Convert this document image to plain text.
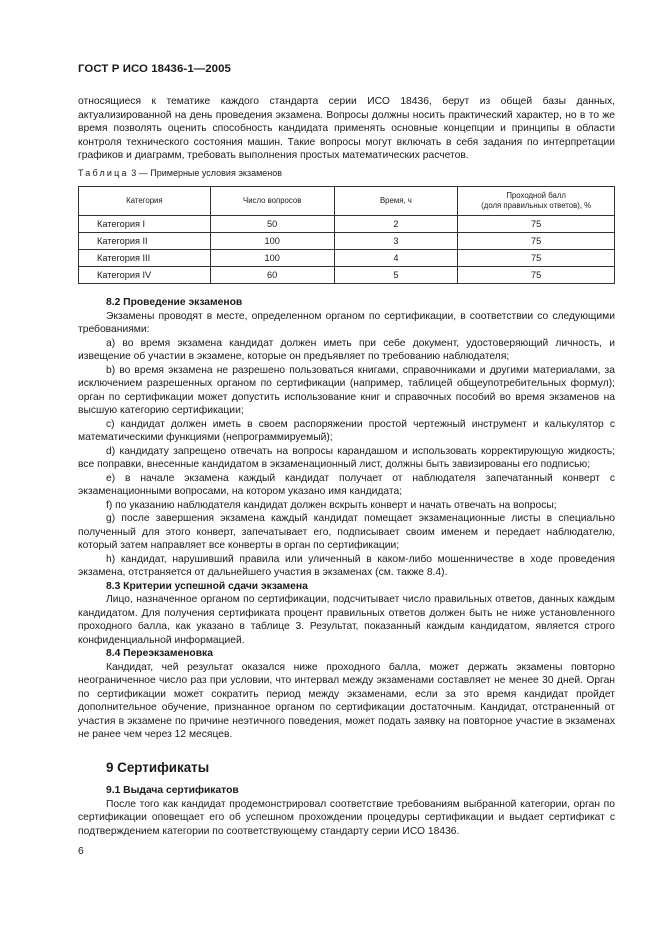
ГОСТ Р ИСО 18436-1—2005

относящиеся к тематике каждого стандарта серии ИСО 18436, берут из общей базы данных, актуализированной на день проведения экзамена. Вопросы должны носить практический характер, но в то же время позволять оценить способность кандидата применять основные концепции и принципы в области контроля технического состояния машин. Такие вопросы могут включать в себя задания по интерпретации графиков и диаграмм, требовать выполнения простых математических расчетов.

Таблица 3 — Примерные условия экзаменов
Категория	Число вопросов	Время, ч	Проходной балл
(доля правильных ответов), %

Категория I	50	2	75
Категория II	100	3	75
Категория III	100	4	75
Категория IV	60	5	75

8.2 Проведение экзаменов

Экзамены проводят в месте, определенном органом по сертификации, в соответствии со следующими требованиями:

a) во время экзамена кандидат должен иметь при себе документ, удостоверяющий личность, и извещение об участии в экзамене, которые он предъявляет по требованию наблюдателя;

b) во время экзамена не разрешено пользоваться книгами, справочниками и другими материалами, за исключением разрешенных органом по сертификации (например, таблицей общеупотребительных формул); орган по сертификации может допустить использование книг и справочных пособий во время экзаменов на высшую категорию сертификации;

c) кандидат должен иметь в своем распоряжении простой чертежный инструмент и калькулятор с математическими функциями (непрограммируемый);

d) кандидату запрещено отвечать на вопросы карандашом и использовать корректирующую жидкость; все поправки, внесенные кандидатом в экзаменационный лист, должны быть завизированы его подписью;

e) в начале экзамена каждый кандидат получает от наблюдателя запечатанный конверт с экзаменационными вопросами, на котором указано имя кандидата;

f) по указанию наблюдателя кандидат должен вскрыть конверт и начать отвечать на вопросы;

g) после завершения экзамена каждый кандидат помещает экзаменационные листы в специально полученный для этого конверт, запечатывает его, подписывает своим именем и передает наблюдателю, который затем направляет все конверты в орган по сертификации;

h) кандидат, нарушивший правила или уличенный в каком-либо мошенничестве в ходе проведения экзамена, отстраняется от дальнейшего участия в экзаменах (см. также 8.4).

8.3 Критерии успешной сдачи экзамена

Лицо, назначенное органом по сертификации, подсчитывает число правильных ответов, данных каждым кандидатом. Для получения сертификата процент правильных ответов должен быть не ниже установленного проходного балла, как указано в таблице 3. Результат, показанный каждым кандидатом, является строго конфиденциальной информацией.

8.4 Переэкзаменовка

Кандидат, чей результат оказался ниже проходного балла, может держать экзамены повторно неограниченное число раз при условии, что интервал между экзаменами составляет не менее 30 дней. Орган по сертификации может сократить период между экзаменами, если за это время кандидат пройдет дополнительное обучение, признанное органом по сертификации достаточным. Кандидат, отстраненный от участия в экзамене по причине неэтичного поведения, может подать заявку на повторное участие в экзаменах не ранее чем через 12 месяцев.

9 Сертификаты

9.1 Выдача сертификатов

После того как кандидат продемонстрировал соответствие требованиям выбранной категории, орган по сертификации оповещает его об успешном прохождении процедуры сертификации и выдает сертификат с подтверждением категории по соответствующему стандарту серии ИСО 18436.

6
